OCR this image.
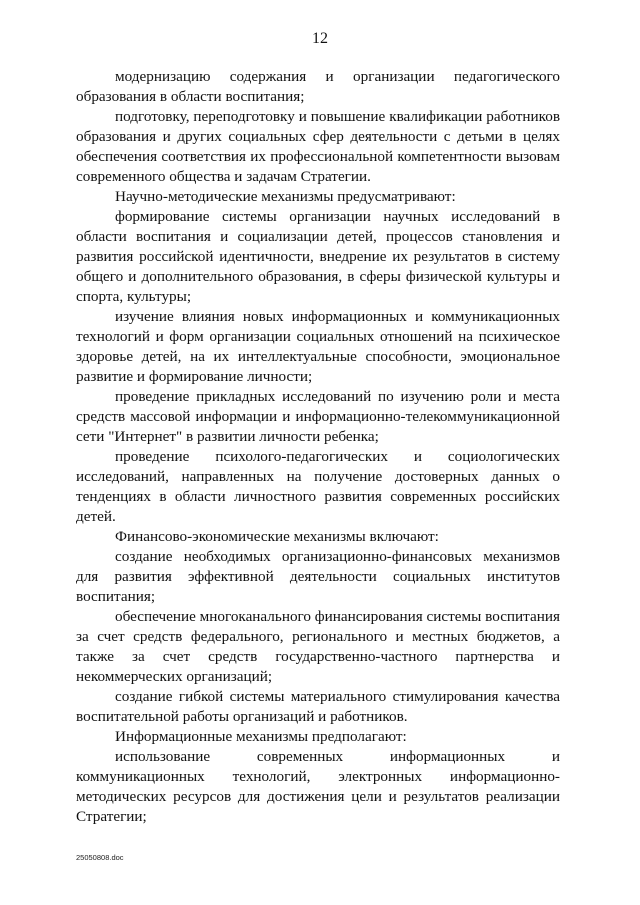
12

модернизацию содержания и организации педагогического образования в области воспитания;

подготовку, переподготовку и повышение квалификации работников образования и других социальных сфер деятельности с детьми в целях обеспечения соответствия их профессиональной компетентности вызовам современного общества и задачам Стратегии.

Научно-методические механизмы предусматривают:

формирование системы организации научных исследований в области воспитания и социализации детей, процессов становления и развития российской идентичности, внедрение их результатов в систему общего и дополнительного образования, в сферы физической культуры и спорта, культуры;

изучение влияния новых информационных и коммуникационных технологий и форм организации социальных отношений на психическое здоровье детей, на их интеллектуальные способности, эмоциональное развитие и формирование личности;

проведение прикладных исследований по изучению роли и места средств массовой информации и информационно-телекоммуникационной сети "Интернет" в развитии личности ребенка;

проведение психолого-педагогических и социологических исследований, направленных на получение достоверных данных о тенденциях в области личностного развития современных российских детей.

Финансово-экономические механизмы включают:

создание необходимых организационно-финансовых механизмов для развития эффективной деятельности социальных институтов воспитания;

обеспечение многоканального финансирования системы воспитания за счет средств федерального, регионального и местных бюджетов, а также за счет средств государственно-частного партнерства и некоммерческих организаций;

создание гибкой системы материального стимулирования качества воспитательной работы организаций и работников.

Информационные механизмы предполагают:

использование современных информационных и коммуникационных технологий, электронных информационно-методических ресурсов для достижения цели и результатов реализации Стратегии;

25050808.doc
